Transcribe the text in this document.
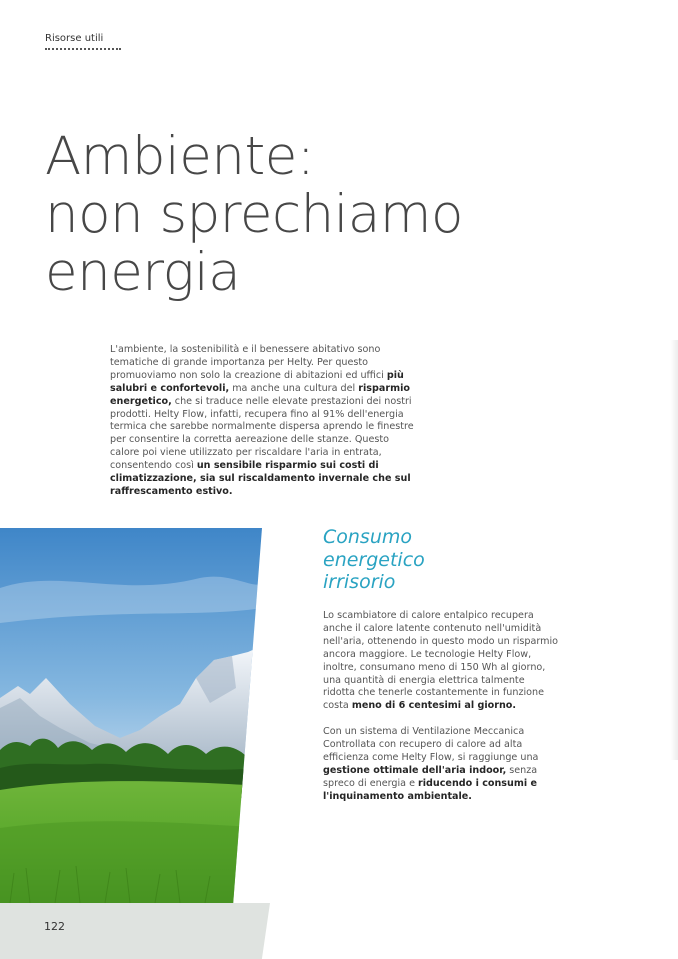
Risorse utili
Ambiente:
non sprechiamo
energia
L'ambiente, la sostenibilità e il benessere abitativo sono tematiche di grande importanza per Helty. Per questo promuoviamo non solo la creazione di abitazioni ed uffici più salubri e confortevoli, ma anche una cultura del risparmio energetico, che si traduce nelle elevate prestazioni dei nostri prodotti. Helty Flow, infatti, recupera fino al 91% dell'energia termica che sarebbe normalmente dispersa aprendo le finestre per consentire la corretta aereazione delle stanze. Questo calore poi viene utilizzato per riscaldare l'aria in entrata, consentendo così un sensibile risparmio sui costi di climatizzazione, sia sul riscaldamento invernale che sul raffrescamento estivo.
122
Consumo
energetico
irrisorio

Lo scambiatore di calore entalpico recupera anche il calore latente contenuto nell'umidità nell'aria, ottenendo in questo modo un risparmio ancora maggiore. Le tecnologie Helty Flow, inoltre, consumano meno di 150 Wh al giorno, una quantità di energia elettrica talmente ridotta che tenerle costantemente in funzione costa meno di 6 centesimi al giorno.

Con un sistema di Ventilazione Meccanica Controllata con recupero di calore ad alta efficienza come Helty Flow, si raggiunge una gestione ottimale dell'aria indoor, senza spreco di energia e riducendo i consumi e l'inquinamento ambientale.
